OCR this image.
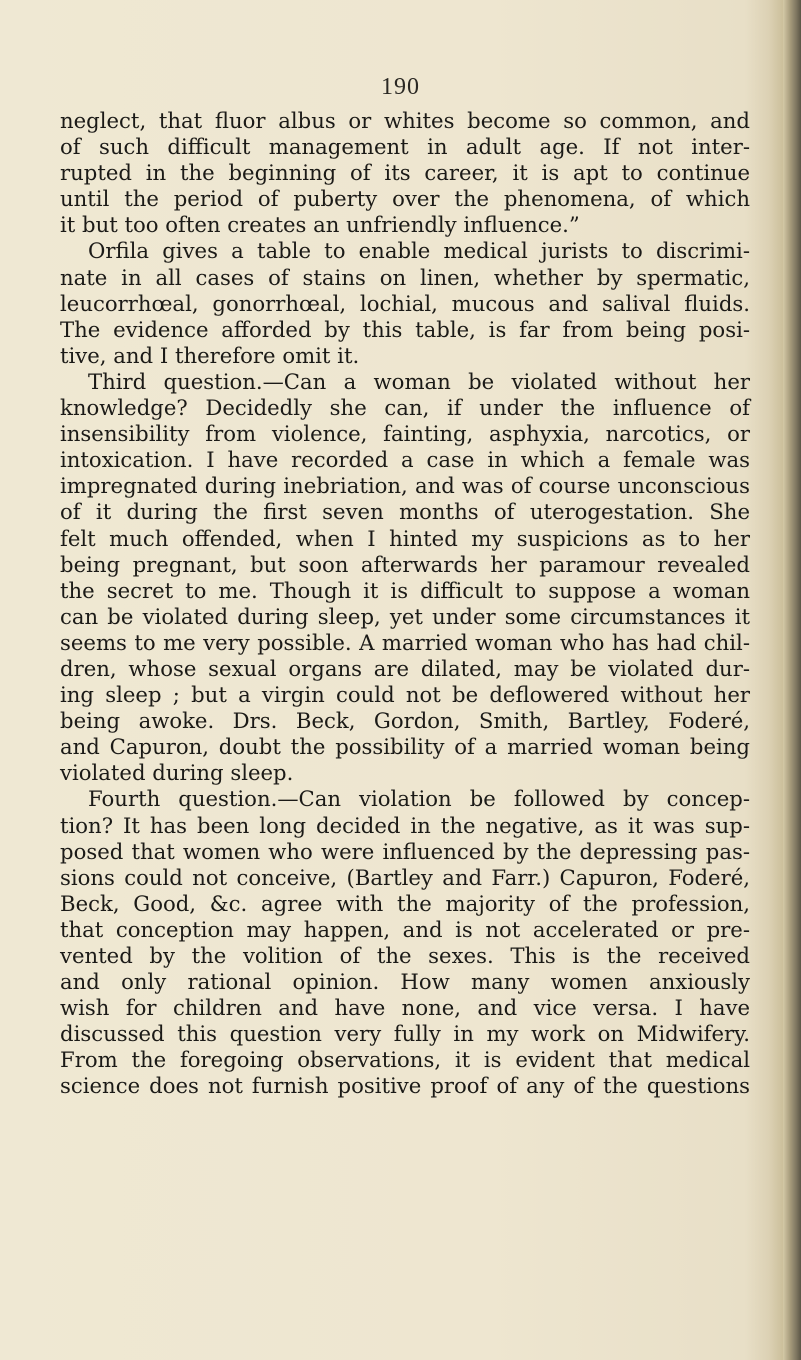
190
neglect, that fluor albus or whites become so common, and
of such difficult management in adult age. If not inter-
rupted in the beginning of its career, it is apt to continue
until the period of puberty over the phenomena, of which
it but too often creates an unfriendly influence.”
Orfila gives a table to enable medical jurists to discrimi-
nate in all cases of stains on linen, whether by spermatic,
leucorrhœal, gonorrhœal, lochial, mucous and salival fluids.
The evidence afforded by this table, is far from being posi-
tive, and I therefore omit it.
Third question.—Can a woman be violated without her
knowledge? Decidedly she can, if under the influence of
insensibility from violence, fainting, asphyxia, narcotics, or
intoxication. I have recorded a case in which a female was
impregnated during inebriation, and was of course unconscious
of it during the first seven months of uterogestation. She
felt much offended, when I hinted my suspicions as to her
being pregnant, but soon afterwards her paramour revealed
the secret to me. Though it is difficult to suppose a woman
can be violated during sleep, yet under some circumstances it
seems to me very possible. A married woman who has had chil-
dren, whose sexual organs are dilated, may be violated dur-
ing sleep ; but a virgin could not be deflowered without her
being awoke. Drs. Beck, Gordon, Smith, Bartley, Foderé,
and Capuron, doubt the possibility of a married woman being
violated during sleep.
Fourth question.—Can violation be followed by concep-
tion? It has been long decided in the negative, as it was sup-
posed that women who were influenced by the depressing pas-
sions could not conceive, (Bartley and Farr.) Capuron, Foderé,
Beck, Good, &c. agree with the majority of the profession,
that conception may happen, and is not accelerated or pre-
vented by the volition of the sexes. This is the received
and only rational opinion. How many women anxiously
wish for children and have none, and vice versa. I have
discussed this question very fully in my work on Midwifery.
From the foregoing observations, it is evident that medical
science does not furnish positive proof of any of the questions
